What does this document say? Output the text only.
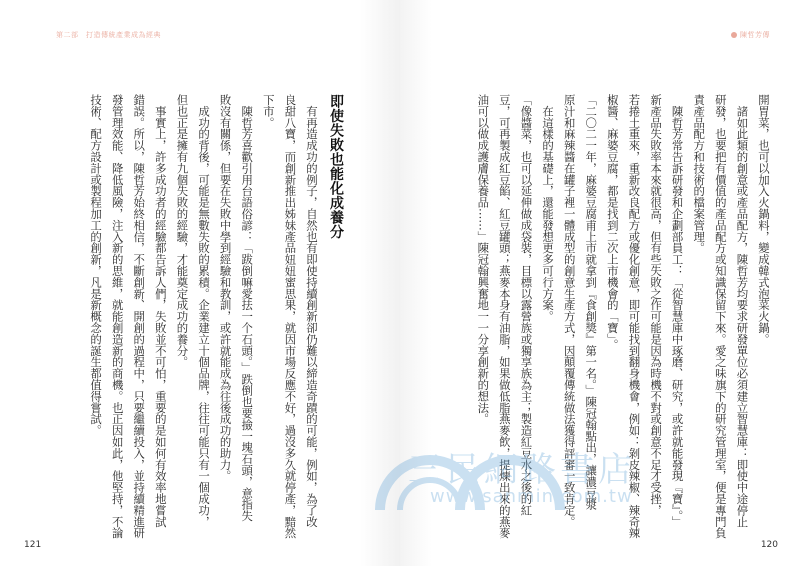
第二部　打造傳統產業成為經典
即使失敗也能化成養分
　有再造成功的例子，自然也有即使持續創新卻仍難以締造奇蹟的可能，例如，為了改
良甜八寶，而創新推出姊妹產品妞妞蜜思果，就因市場反應不好，過沒多久就停產，黯然
下市。
　陳哲芳喜歡引用台語俗諺：「跋倒嘛愛抾一个石頭。」跌倒也要撿一塊石頭，意指失
敗沒有關係，但要在失敗中學到經驗和教訓，或許就能成為往後成功的助力。
　成功的背後，可能是無數失敗的累積。企業建立十個品牌，往往可能只有一個成功，
但也正是擁有九個失敗的經驗，才能奠定成功的養分。
　事實上，許多成功者的經驗都告訴人們，失敗並不可怕，重要的是如何有效率地嘗試
錯誤。所以，陳哲芳始終相信，不斷創新、開創的過程中，只要繼續投入，並持續精進研
發管理效能、降低風險，注入新的思維，就能創造新的商機。也正因如此，他堅持，不論
技術、配方設計或製程加工的創新，凡是新概念的誕生都值得嘗試。
121
陳哲芳傳
開胃菜，也可以加入火鍋料，變成韓式泡菜火鍋。
　諸如此類的創意或產品配方，陳哲芳均要求研發單位必須建立智慧庫：即使中途停止
研發，也要把有價值的產品配方或知識保留下來。愛之味旗下的研究管理室，便是專門負
責產品配方和技術的檔案管理。
　陳哲芳常告訴研發和企劃部員工：「從智慧庫中琢磨、研究，或許就能發現『寶』。」
新產品失敗率本來就很高，但有些失敗之作可能是因為時機不對或創意不足才受挫，
若捲土重來，重新改良配方或優化創意，即可能找到翻身機會，例如：剝皮辣椒、辣奇辣
椒醬、麻婆豆腐，都是找到二次上市機會的「寶」。
「二〇二一年，麻婆豆腐甫上市就拿到『食創獎』第一名。」陳冠翰點出，讓濃豆漿
原汁和麻辣醬在罐子裡一體成型的創意生產方式，因顛覆傳統做法獲得評審一致肯定。
　在這樣的基礎上，還能發想更多可行方案。
「像醬菜，也可以延伸做成袋裝，目標以露營族或獨享族為主；製造紅豆水之後的紅
豆，可再製成紅豆餡、紅豆罐頭；燕麥本身有油脂，如果做低脂燕麥飲，提煉出來的燕麥
油可以做成護膚保養品……」陳冠翰興奮地一一分享創新的想法。
120
三民網路書店
www.sanmin.com.tw
